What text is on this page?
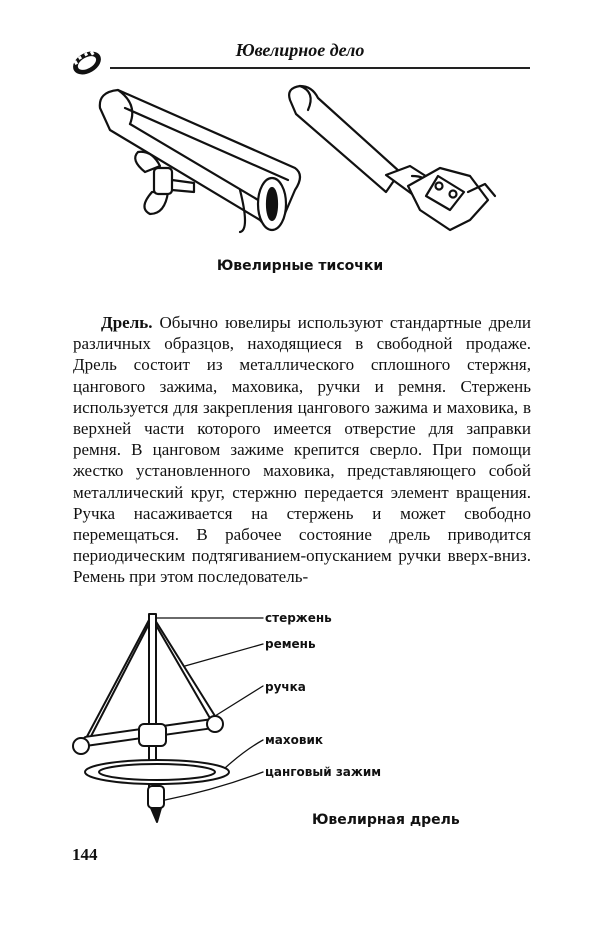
Ювелирное дело
Ювелирные тисочки

Дрель. Обычно ювелиры используют стандартные дрели различных образцов, находящиеся в свободной продаже. Дрель состоит из металлического сплошного стержня, цангового зажима, маховика, ручки и ремня. Стержень используется для закрепления цангового зажима и маховика, в верхней части которого имеется отверстие для заправки ремня. В цанговом зажиме крепится сверло. При помощи жестко установленного маховика, представляющего собой металлический круг, стержню передается элемент вращения. Ручка насаживается на стержень и может свободно перемещаться. В рабочее состояние дрель приводится периодическим подтягиванием-опусканием ручки вверх-вниз. Ремень при этом последователь-

стержень
ремень
ручка
маховик
цанговый зажим
Ювелирная дрель
144
